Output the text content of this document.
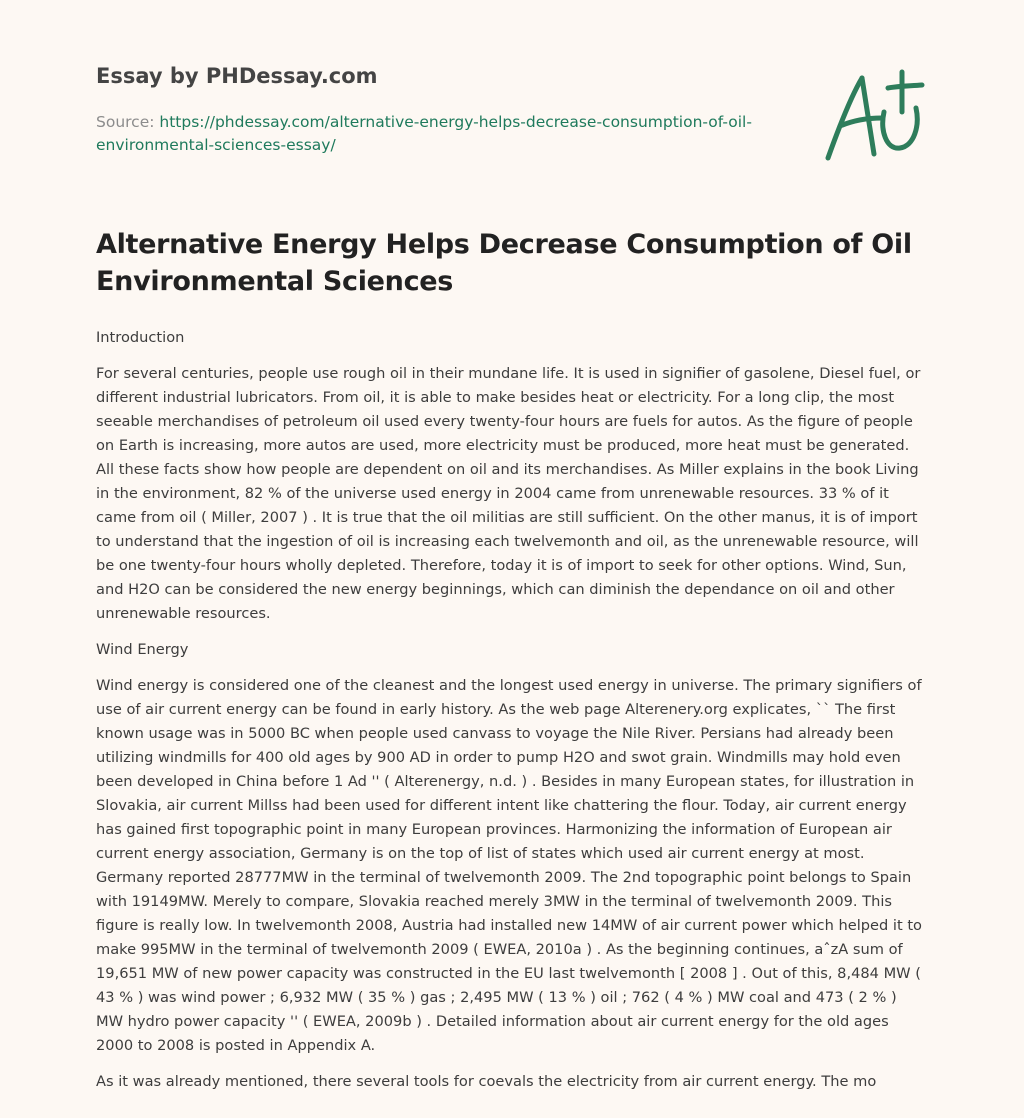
Essay by PHDessay.com

Source: https://phdessay.com/alternative-energy-helps-decrease-consumption-of-oil-environmental-sciences-essay/

Alternative Energy Helps Decrease Consumption of Oil Environmental Sciences

Introduction

For several centuries, people use rough oil in their mundane life. It is used in signifier of gasolene, Diesel fuel, or different industrial lubricators. From oil, it is able to make besides heat or electricity. For a long clip, the most seeable merchandises of petroleum oil used every twenty-four hours are fuels for autos. As the figure of people on Earth is increasing, more autos are used, more electricity must be produced, more heat must be generated. All these facts show how people are dependent on oil and its merchandises. As Miller explains in the book Living in the environment, 82 % of the universe used energy in 2004 came from unrenewable resources. 33 % of it came from oil ( Miller, 2007 ) . It is true that the oil militias are still sufficient. On the other manus, it is of import to understand that the ingestion of oil is increasing each twelvemonth and oil, as the unrenewable resource, will be one twenty-four hours wholly depleted. Therefore, today it is of import to seek for other options. Wind, Sun, and H2O can be considered the new energy beginnings, which can diminish the dependance on oil and other unrenewable resources.

Wind Energy

Wind energy is considered one of the cleanest and the longest used energy in universe. The primary signifiers of use of air current energy can be found in early history. As the web page Alterenery.org explicates, `` The first known usage was in 5000 BC when people used canvass to voyage the Nile River. Persians had already been utilizing windmills for 400 old ages by 900 AD in order to pump H2O and swot grain. Windmills may hold even been developed in China before 1 Ad '' ( Alterenergy, n.d. ) . Besides in many European states, for illustration in Slovakia, air current Millss had been used for different intent like chattering the flour. Today, air current energy has gained first topographic point in many European provinces. Harmonizing the information of European air current energy association, Germany is on the top of list of states which used air current energy at most. Germany reported 28777MW in the terminal of twelvemonth 2009. The 2nd topographic point belongs to Spain with 19149MW. Merely to compare, Slovakia reached merely 3MW in the terminal of twelvemonth 2009. This figure is really low. In twelvemonth 2008, Austria had installed new 14MW of air current power which helped it to make 995MW in the terminal of twelvemonth 2009 ( EWEA, 2010a ) . As the beginning continues, aˆzA sum of 19,651 MW of new power capacity was constructed in the EU last twelvemonth [ 2008 ] . Out of this, 8,484 MW ( 43 % ) was wind power ; 6,932 MW ( 35 % ) gas ; 2,495 MW ( 13 % ) oil ; 762 ( 4 % ) MW coal and 473 ( 2 % ) MW hydro power capacity '' ( EWEA, 2009b ) . Detailed information about air current energy for the old ages 2000 to 2008 is posted in Appendix A.

As it was already mentioned, there several tools for coevals the electricity from air current energy. The mo
